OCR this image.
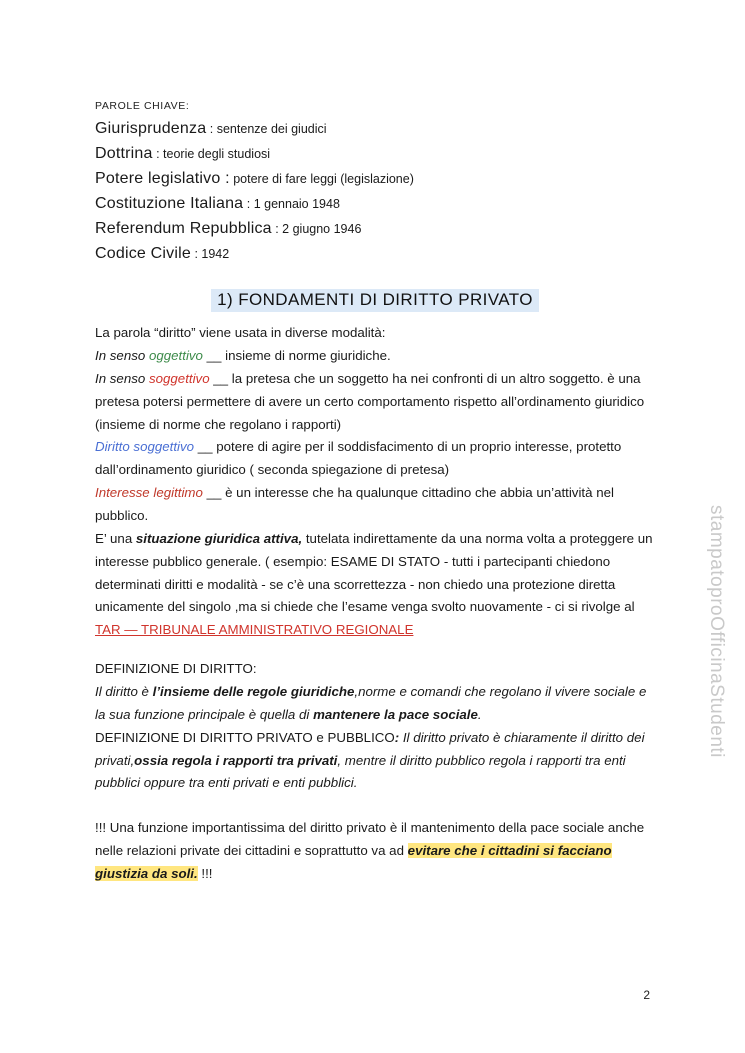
PAROLE CHIAVE:
Giurisprudenza : sentenze dei giudici
Dottrina : teorie degli studiosi
Potere legislativo : potere di fare leggi (legislazione)
Costituzione Italiana : 1 gennaio 1948
Referendum Repubblica : 2 giugno 1946
Codice Civile : 1942
1) FONDAMENTI DI DIRITTO PRIVATO

La parola “diritto” viene usata in diverse modalità:

In senso oggettivo __ insieme di norme giuridiche.

In senso soggettivo __ la pretesa che un soggetto ha nei confronti di un altro soggetto. è una pretesa potersi permettere di avere un certo comportamento rispetto all’ordinamento giuridico (insieme di norme che regolano i rapporti)

Diritto soggettivo __ potere di agire per il soddisfacimento di un proprio interesse, protetto dall’ordinamento giuridico ( seconda spiegazione di pretesa)

Interesse legittimo __ è un interesse che ha qualunque cittadino che abbia un’attività nel pubblico.

E’ una situazione giuridica attiva, tutelata indirettamente da una norma volta a proteggere un interesse pubblico generale. ( esempio: ESAME DI STATO - tutti i partecipanti chiedono determinati diritti e modalità - se c’è una scorrettezza - non chiedo una protezione diretta unicamente del singolo ,ma si chiede che l’esame venga svolto nuovamente - ci si rivolge al TAR — TRIBUNALE AMMINISTRATIVO REGIONALE

DEFINIZIONE DI DIRITTO:

Il diritto è l’insieme delle regole giuridiche,norme e comandi che regolano il vivere sociale e la sua funzione principale è quella di mantenere la pace sociale.

DEFINIZIONE DI DIRITTO PRIVATO e PUBBLICO: Il diritto privato è chiaramente il diritto dei privati,ossia regola i rapporti tra privati, mentre il diritto pubblico regola i rapporti tra enti pubblici oppure tra enti privati e enti pubblici.

!!! Una funzione importantissima del diritto privato è il mantenimento della pace sociale anche nelle relazioni private dei cittadini e soprattutto va ad evitare che i cittadini si facciano giustizia da soli. !!!

stampatoproOfficinaStudenti
2
